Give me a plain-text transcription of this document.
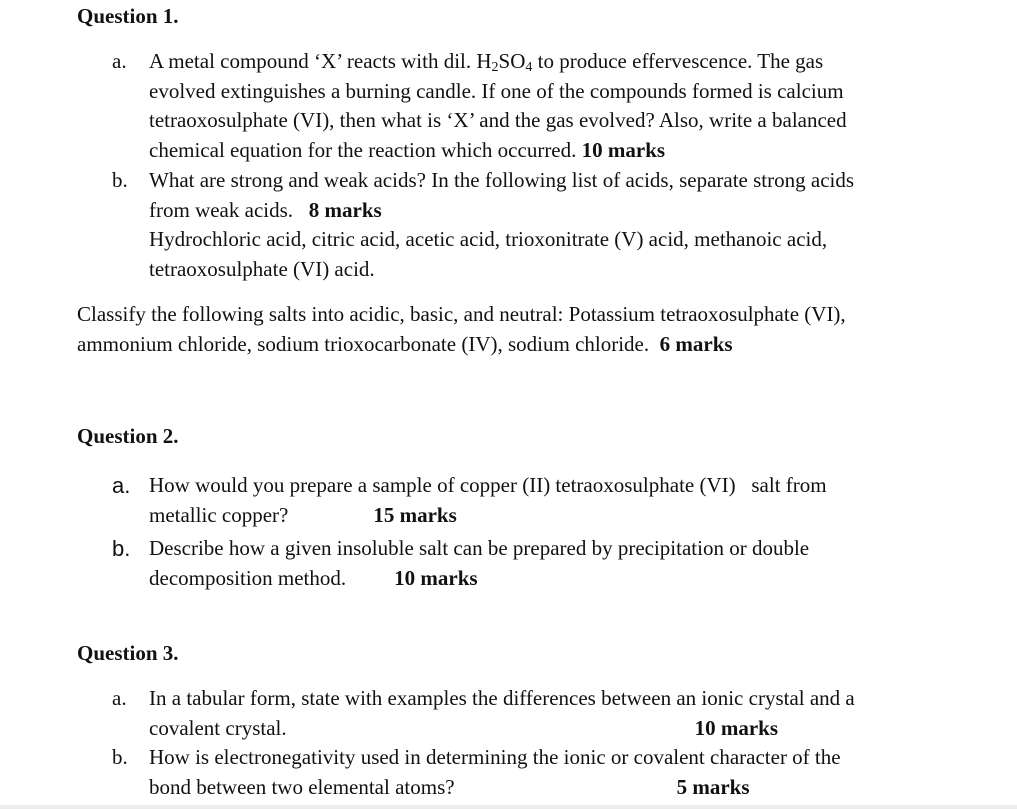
Question 1.
a.	A metal compound ‘X’ reacts with dil. $H_2SO_4$ to produce effervescence. The gas
evolved extinguishes a burning candle. If one of the compounds formed is calcium
tetraoxosulphate (VI), then what is ‘X’ and the gas evolved? Also, write a balanced
chemical equation for the reaction which occurred. 10 marks
b.	What are strong and weak acids? In the following list of acids, separate strong acids
from weak acids. 8 marks
Hydrochloric acid, citric acid, acetic acid, trioxonitrate (V) acid, methanoic acid,
tetraoxosulphate (VI) acid.
Classify the following salts into acidic, basic, and neutral: Potassium tetraoxosulphate (VI),
ammonium chloride, sodium trioxocarbonate (IV), sodium chloride. 6 marks
Question 2.
a. How would you prepare a sample of copper (II) tetraoxosulphate (VI)   salt from
metallic copper?	15 marks
b. Describe how a given insoluble salt can be prepared by precipitation or double
decomposition method. 10 marks
Question 3.
a.	In a tabular form, state with examples the differences between an ionic crystal and a
covalent crystal.	10 marks
b.	How is electronegativity used in determining the ionic or covalent character of the
bond between two elemental atoms?	5 marks
